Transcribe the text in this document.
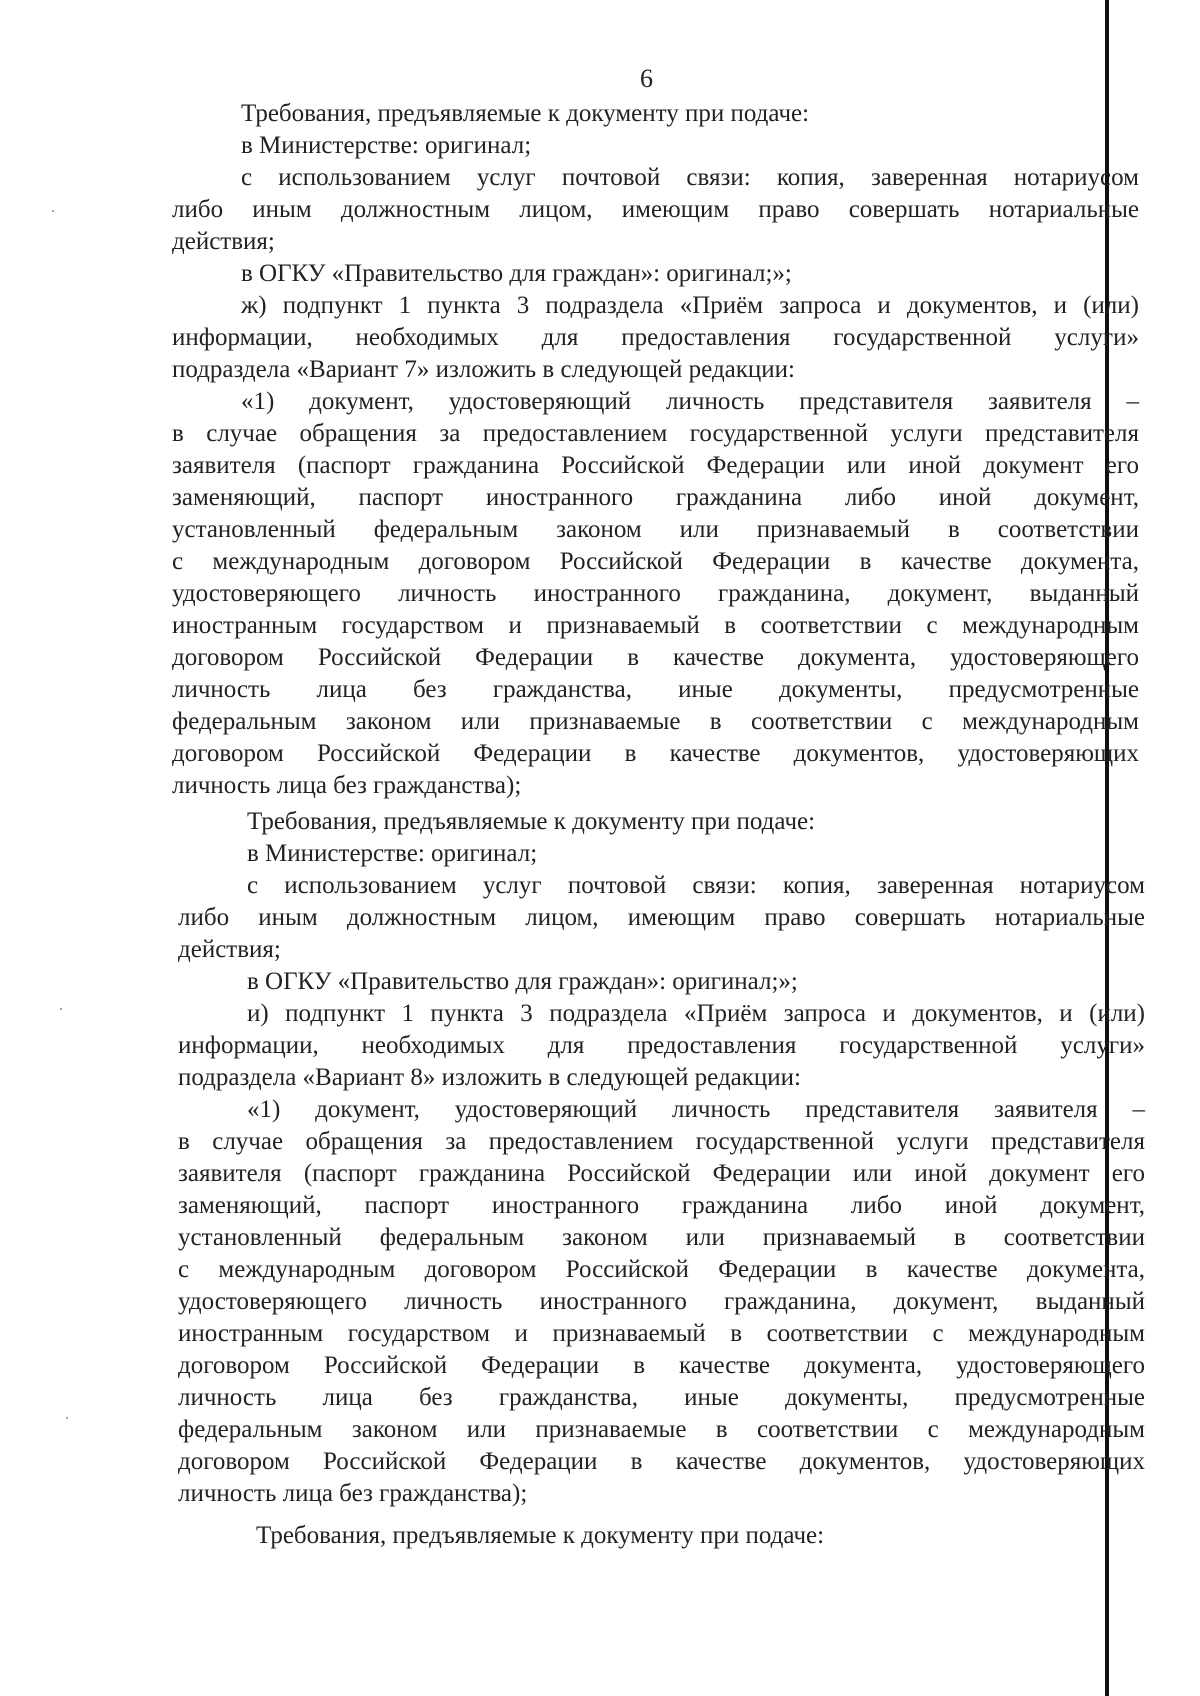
6
Требования, предъявляемые к документу при подаче:
в Министерстве: оригинал;
с использованием услуг почтовой связи: копия, заверенная нотариусом
либо иным должностным лицом, имеющим право совершать нотариальные
действия;
в ОГКУ «Правительство для граждан»: оригинал;»;
ж) подпункт 1 пункта 3 подраздела «Приём запроса и документов, и (или)
информации, необходимых для предоставления государственной услуги»
подраздела «Вариант 7» изложить в следующей редакции:
«1) документ, удостоверяющий личность представителя заявителя –
в случае обращения за предоставлением государственной услуги представителя
заявителя (паспорт гражданина Российской Федерации или иной документ его
заменяющий, паспорт иностранного гражданина либо иной документ,
установленный федеральным законом или признаваемый в соответствии
с международным договором Российской Федерации в качестве документа,
удостоверяющего личность иностранного гражданина, документ, выданный
иностранным государством и признаваемый в соответствии с международным
договором Российской Федерации в качестве документа, удостоверяющего
личность лица без гражданства, иные документы, предусмотренные
федеральным законом или признаваемые в соответствии с международным
договором Российской Федерации в качестве документов, удостоверяющих
личность лица без гражданства);
Требования, предъявляемые к документу при подаче:
в Министерстве: оригинал;
с использованием услуг почтовой связи: копия, заверенная нотариусом
либо иным должностным лицом, имеющим право совершать нотариальные
действия;
в ОГКУ «Правительство для граждан»: оригинал;»;
и) подпункт 1 пункта 3 подраздела «Приём запроса и документов, и (или)
информации, необходимых для предоставления государственной услуги»
подраздела «Вариант 8» изложить в следующей редакции:
«1) документ, удостоверяющий личность представителя заявителя –
в случае обращения за предоставлением государственной услуги представителя
заявителя (паспорт гражданина Российской Федерации или иной документ его
заменяющий, паспорт иностранного гражданина либо иной документ,
установленный федеральным законом или признаваемый в соответствии
с международным договором Российской Федерации в качестве документа,
удостоверяющего личность иностранного гражданина, документ, выданный
иностранным государством и признаваемый в соответствии с международным
договором Российской Федерации в качестве документа, удостоверяющего
личность лица без гражданства, иные документы, предусмотренные
федеральным законом или признаваемые в соответствии с международным
договором Российской Федерации в качестве документов, удостоверяющих
личность лица без гражданства);
Требования, предъявляемые к документу при подаче:
